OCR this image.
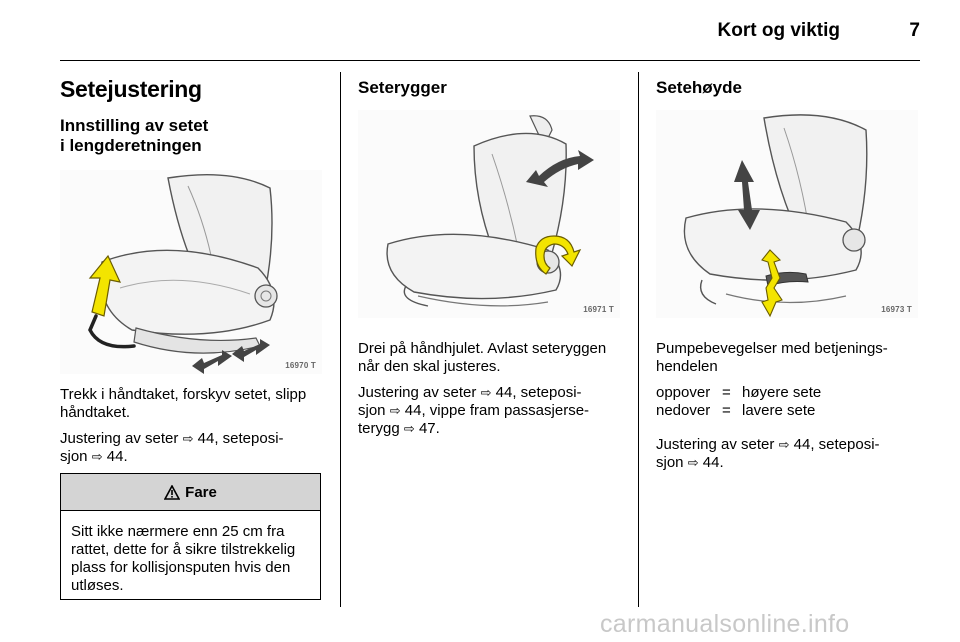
Kort og viktig	7
Setejustering
Innstilling av setet
i lengderetningen
16970 T

Trekk i håndtaket, forskyv setet, slipp håndtaket.

Justering av seter ⇨ 44, seteposi-
sjon ⇨ 44.

Fare
Sitt ikke nærmere enn 25 cm fra rattet, dette for å sikre tilstrekkelig plass for kollisjonsputen hvis den utløses.
Seterygger
16971 T

Drei på håndhjulet. Avlast seteryggen når den skal justeres.

Justering av seter ⇨ 44, seteposi-
sjon ⇨ 44, vippe fram passasjerse-
terygg ⇨ 47.

Setehøyde
16973 T

Pumpebevegelser med betjenings-hendelen

oppover = høyere sete
nedover = lavere sete

Justering av seter ⇨ 44, seteposi-
sjon ⇨ 44.

carmanualsonline.info
